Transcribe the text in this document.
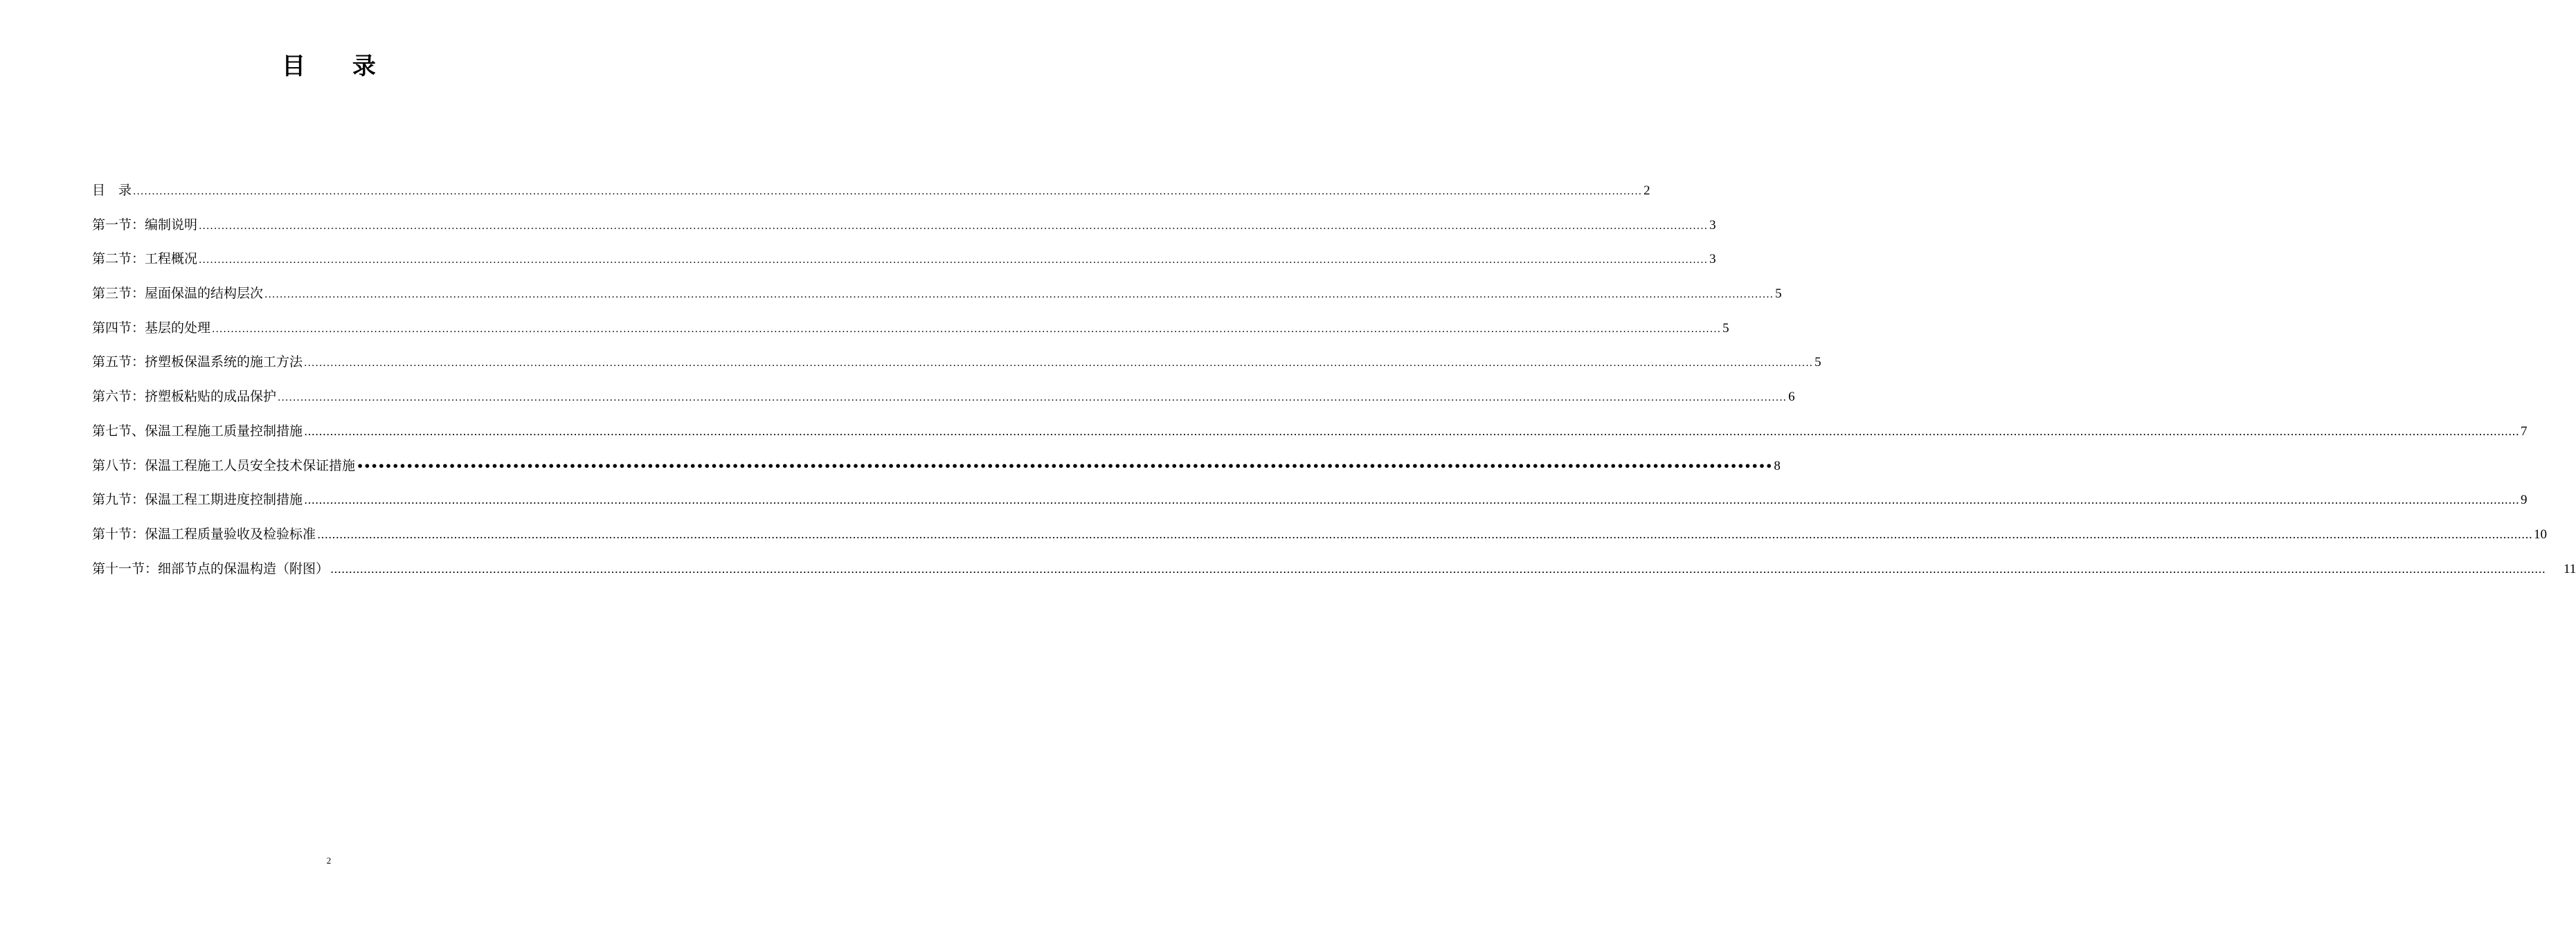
目 录
目　录 ................................................................................................................................................................................................................................................................................................................................................................................................................ 2
第一节：编制说明 ................................................................................................................................................................................................................................................................................................................................................................................................................ 3
第二节：工程概况 ................................................................................................................................................................................................................................................................................................................................................................................................................ 3
第三节：屋面保温的结构层次 ................................................................................................................................................................................................................................................................................................................................................................................................................ 5
第四节：基层的处理 ................................................................................................................................................................................................................................................................................................................................................................................................................ 5
第五节：挤塑板保温系统的施工方法 ................................................................................................................................................................................................................................................................................................................................................................................................................ 5
第六节：挤塑板粘贴的成品保护 ................................................................................................................................................................................................................................................................................................................................................................................................................ 6
第七节、保温工程施工质量控制措施 …………………………………………………………………………………………………………………………………………………………………………………………………………………………………………………………………………………………………………………………………………………………………………………………………………………………………………………………………………………………………………………………………………………… 7
第八节：保温工程施工人员安全技术保证措施 •••••••••••••••••••••••••••••••••••••••••••••••••••••••••••••••••••••••••••••••••••••••••••••••••••••••••••••••••••••••••••••••••••••••••••••••••••••••••••••••••••••••••••••••••••••••••••••••••••••••• 8
第九节：保温工程工期进度控制措施 …………………………………………………………………………………………………………………………………………………………………………………………………………………………………………………………………………………………………………………………………………………………………………………………………………………………………………………………………………………………………………………………………………………… 9
第十节：保温工程质量验收及检验标准 …………………………………………………………………………………………………………………………………………………………………………………………………………………………………………………………………………………………………………………………………………………………………………………………………………………………………………………………………………………………………………………………………………………… 10
第十一节：细部节点的保温构造（附图） …………………………………………………………………………………………………………………………………………………………………………………………………………………………………………………………………………………………………………………………………………………………………………………………………………………………………………………………………………………………………………………………………………………… 11
2
